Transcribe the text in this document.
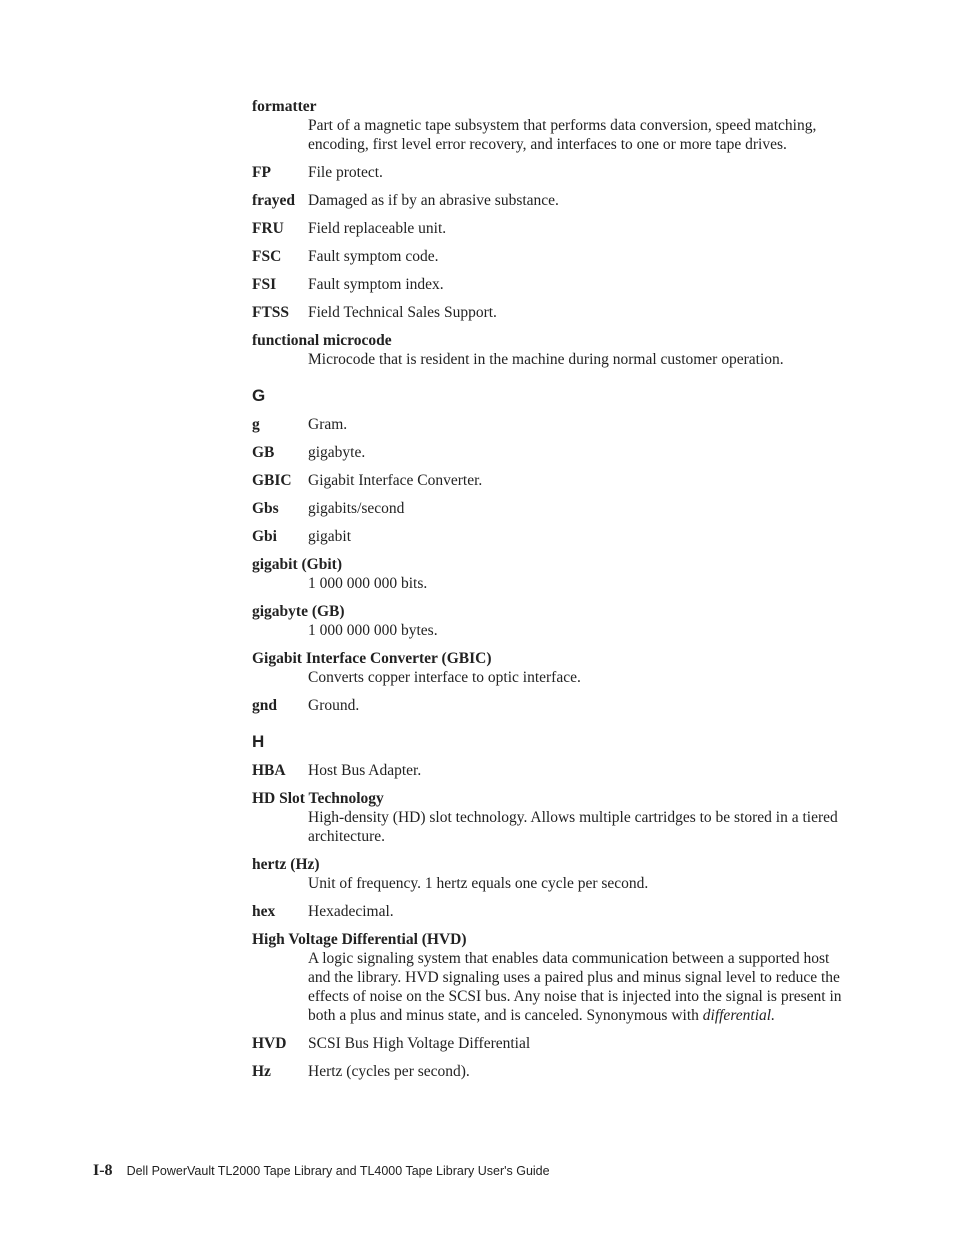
formatter
Part of a magnetic tape subsystem that performs data conversion, speed matching, encoding, first level error recovery, and interfaces to one or more tape drives.
FP	File protect.
frayed Damaged as if by an abrasive substance.
FRU	Field replaceable unit.
FSC	Fault symptom code.
FSI	Fault symptom index.
FTSS	Field Technical Sales Support.
functional microcode
Microcode that is resident in the machine during normal customer operation.
G
g	Gram.
GB	gigabyte.
GBIC	Gigabit Interface Converter.
Gbs	gigabits/second
Gbi	gigabit
gigabit (Gbit)
1 000 000 000 bits.
gigabyte (GB)
1 000 000 000 bytes.
Gigabit Interface Converter (GBIC)
Converts copper interface to optic interface.
gnd	Ground.
H
HBA	Host Bus Adapter.
HD Slot Technology
High-density (HD) slot technology. Allows multiple cartridges to be stored in a tiered architecture.
hertz (Hz)
Unit of frequency. 1 hertz equals one cycle per second.
hex	Hexadecimal.
High Voltage Differential (HVD)
A logic signaling system that enables data communication between a supported host and the library. HVD signaling uses a paired plus and minus signal level to reduce the effects of noise on the SCSI bus. Any noise that is injected into the signal is present in both a plus and minus state, and is canceled. Synonymous with differential.
HVD	SCSI Bus High Voltage Differential
Hz	Hertz (cycles per second).
I-8 Dell PowerVault TL2000 Tape Library and TL4000 Tape Library User's Guide
